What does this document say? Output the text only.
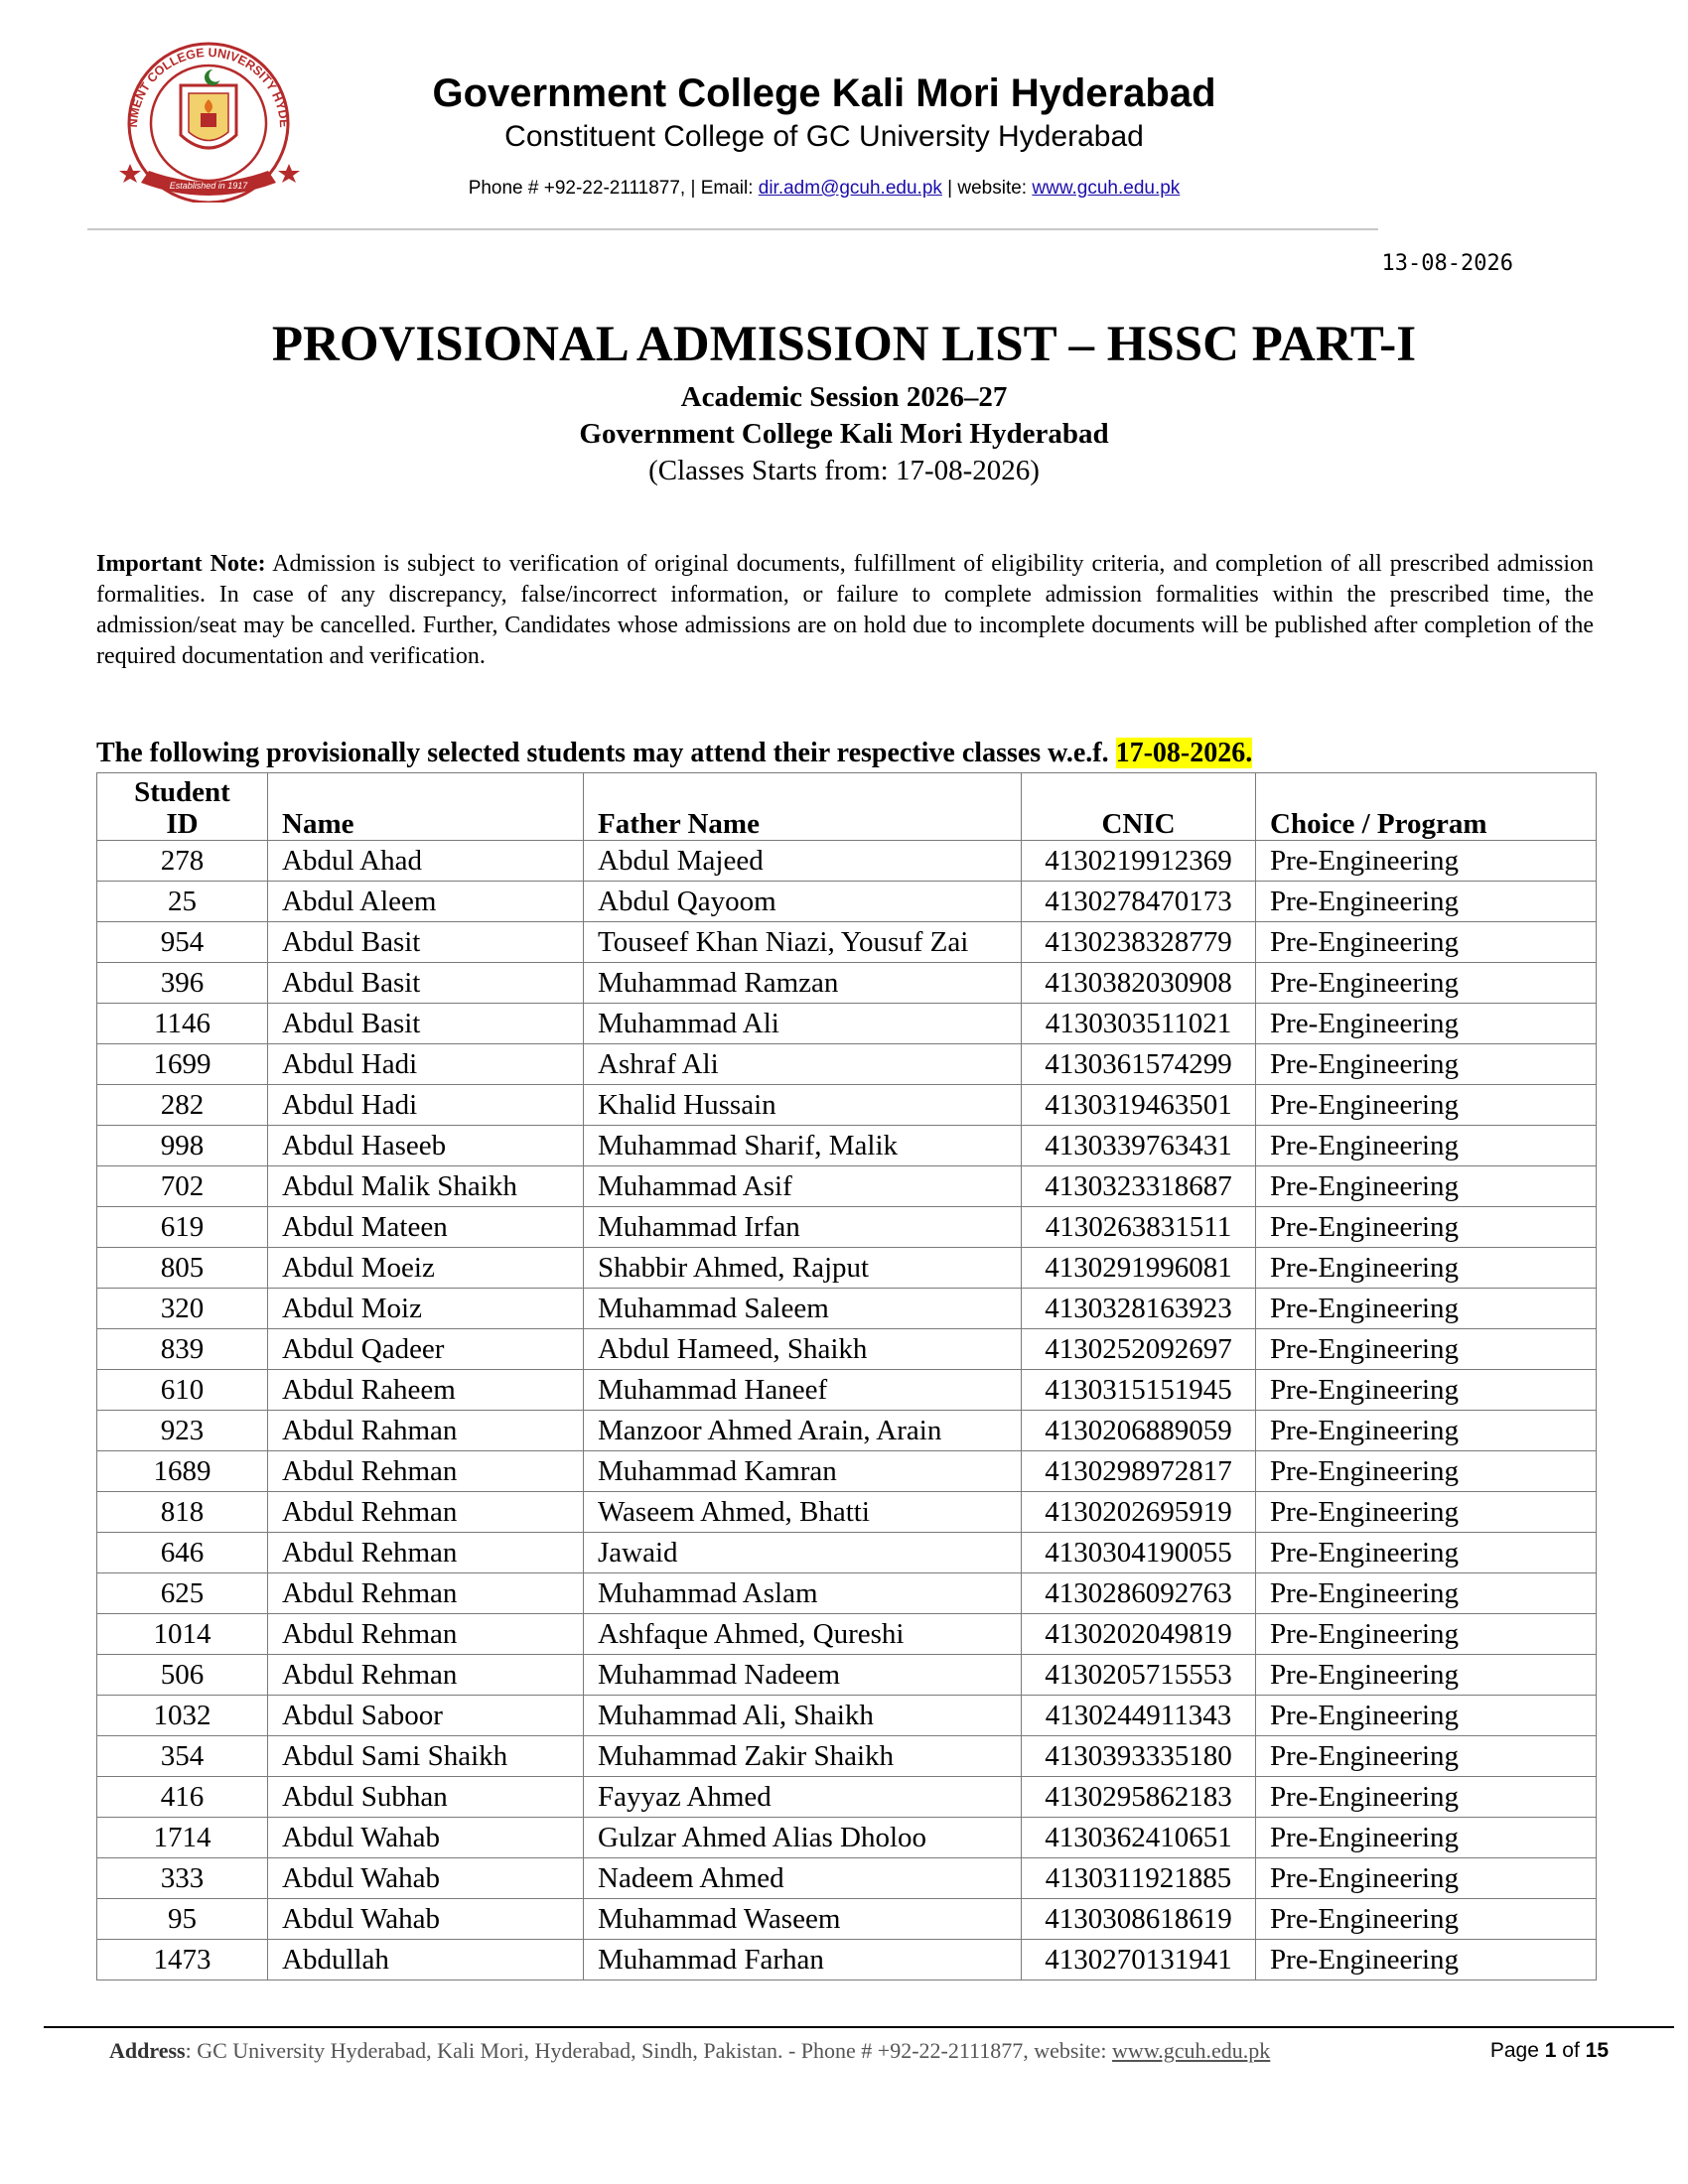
NMENT COLLEGE UNIVERSITY HYDE
Established in 1917
Government College Kali Mori Hyderabad
Constituent College of GC University Hyderabad
Phone # +92-22-2111877, | Email: dir.adm@gcuh.edu.pk | website: www.gcuh.edu.pk
13-08-2026
PROVISIONAL ADMISSION LIST – HSSC PART-I
Academic Session 2026–27
Government College Kali Mori Hyderabad
(Classes Starts from: 17-08-2026)
Important Note: Admission is subject to verification of original documents, fulfillment of eligibility criteria, and completion of all prescribed admission formalities. In case of any discrepancy, false/incorrect information, or failure to complete admission formalities within the prescribed time, the admission/seat may be cancelled. Further, Candidates whose admissions are on hold due to incomplete documents will be published after completion of the required documentation and verification.
The following provisionally selected students may attend their respective classes w.e.f. 17-08-2026.
Student
ID	Name	Father Name	CNIC	Choice / Program
278	Abdul Ahad	Abdul Majeed	4130219912369	Pre-Engineering
25	Abdul Aleem	Abdul Qayoom	4130278470173	Pre-Engineering
954	Abdul Basit	Touseef Khan Niazi, Yousuf Zai	4130238328779	Pre-Engineering
396	Abdul Basit	Muhammad Ramzan	4130382030908	Pre-Engineering
1146	Abdul Basit	Muhammad Ali	4130303511021	Pre-Engineering
1699	Abdul Hadi	Ashraf Ali	4130361574299	Pre-Engineering
282	Abdul Hadi	Khalid Hussain	4130319463501	Pre-Engineering
998	Abdul Haseeb	Muhammad Sharif, Malik	4130339763431	Pre-Engineering
702	Abdul Malik Shaikh	Muhammad Asif	4130323318687	Pre-Engineering
619	Abdul Mateen	Muhammad Irfan	4130263831511	Pre-Engineering
805	Abdul Moeiz	Shabbir Ahmed, Rajput	4130291996081	Pre-Engineering
320	Abdul Moiz	Muhammad Saleem	4130328163923	Pre-Engineering
839	Abdul Qadeer	Abdul Hameed, Shaikh	4130252092697	Pre-Engineering
610	Abdul Raheem	Muhammad Haneef	4130315151945	Pre-Engineering
923	Abdul Rahman	Manzoor Ahmed Arain, Arain	4130206889059	Pre-Engineering
1689	Abdul Rehman	Muhammad Kamran	4130298972817	Pre-Engineering
818	Abdul Rehman	Waseem Ahmed, Bhatti	4130202695919	Pre-Engineering
646	Abdul Rehman	Jawaid	4130304190055	Pre-Engineering
625	Abdul Rehman	Muhammad Aslam	4130286092763	Pre-Engineering
1014	Abdul Rehman	Ashfaque Ahmed, Qureshi	4130202049819	Pre-Engineering
506	Abdul Rehman	Muhammad Nadeem	4130205715553	Pre-Engineering
1032	Abdul Saboor	Muhammad Ali, Shaikh	4130244911343	Pre-Engineering
354	Abdul Sami Shaikh	Muhammad Zakir Shaikh	4130393335180	Pre-Engineering
416	Abdul Subhan	Fayyaz Ahmed	4130295862183	Pre-Engineering
1714	Abdul Wahab	Gulzar Ahmed Alias Dholoo	4130362410651	Pre-Engineering
333	Abdul Wahab	Nadeem Ahmed	4130311921885	Pre-Engineering
95	Abdul Wahab	Muhammad Waseem	4130308618619	Pre-Engineering
1473	Abdullah	Muhammad Farhan	4130270131941	Pre-Engineering
Address: GC University Hyderabad, Kali Mori, Hyderabad, Sindh, Pakistan. - Phone # +92-22-2111877, website: www.gcuh.edu.pk	Page 1 of 15
